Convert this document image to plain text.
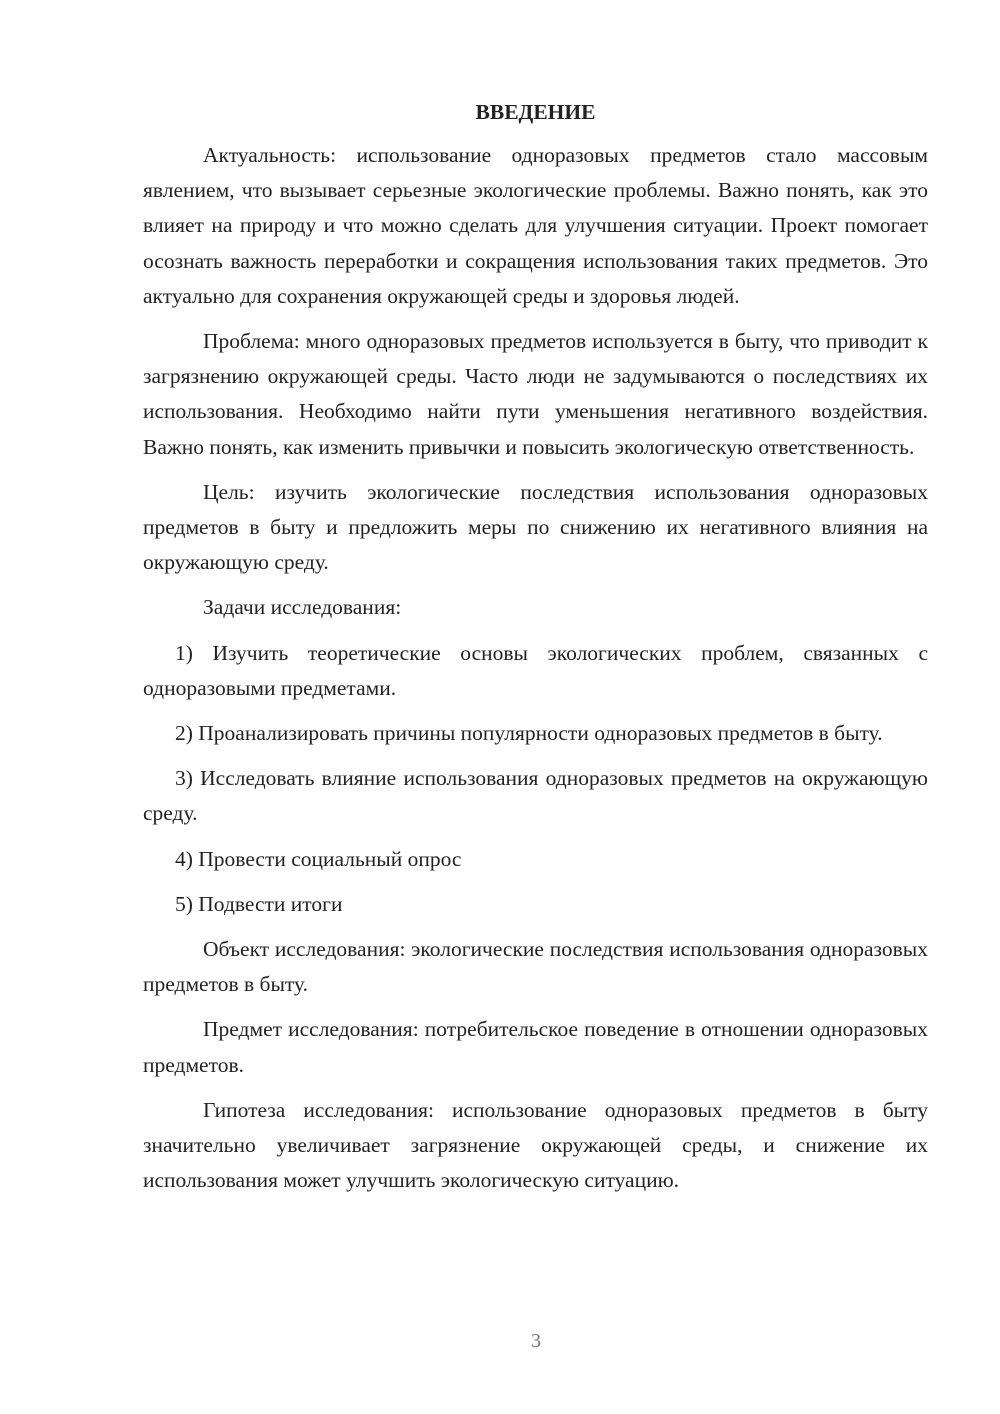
ВВЕДЕНИЕ

Актуальность: использование одноразовых предметов стало массовым явлением, что вызывает серьезные экологические проблемы. Важно понять, как это влияет на природу и что можно сделать для улучшения ситуации. Проект помогает осознать важность переработки и сокращения использования таких предметов. Это актуально для сохранения окружающей среды и здоровья людей.

Проблема: много одноразовых предметов используется в быту, что приводит к загрязнению окружающей среды. Часто люди не задумываются о последствиях их использования. Необходимо найти пути уменьшения негативного воздействия. Важно понять, как изменить привычки и повысить экологическую ответственность.

Цель: изучить экологические последствия использования одноразовых предметов в быту и предложить меры по снижению их негативного влияния на окружающую среду.

Задачи исследования:

1) Изучить теоретические основы экологических проблем, связанных с одноразовыми предметами.

2) Проанализировать причины популярности одноразовых предметов в быту.

3) Исследовать влияние использования одноразовых предметов на окружающую среду.

4) Провести социальный опрос

5) Подвести итоги

Объект исследования: экологические последствия использования одноразовых предметов в быту.

Предмет исследования: потребительское поведение в отношении одноразовых предметов.

Гипотеза исследования: использование одноразовых предметов в быту значительно увеличивает загрязнение окружающей среды, и снижение их использования может улучшить экологическую ситуацию.

3
